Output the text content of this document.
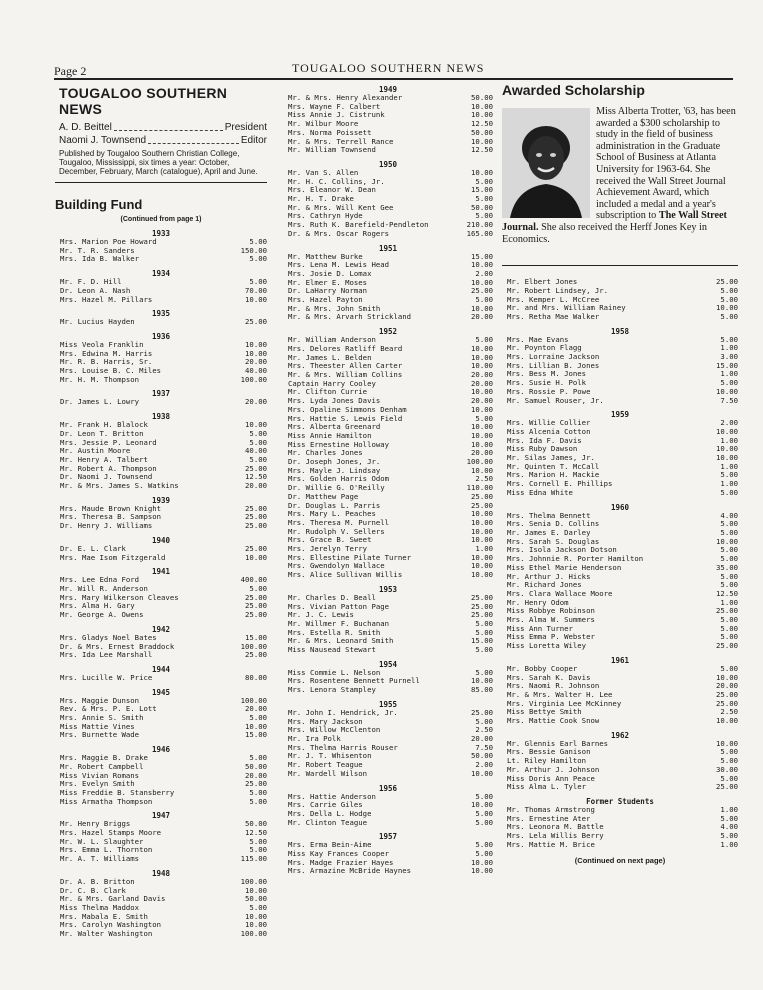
Page 2	TOUGALOO SOUTHERN NEWS
TOUGALOO SOUTHERN NEWS
A. D. Beittel	President
Naomi J. Townsend	Editor
Published by Tougaloo Southern Christian College, Tougaloo, Mississippi, six times a year: October, December, February, March (catalogue), April and June.
Building Fund
(Continued from page 1)
1933
Mrs. Marion Poe Howard	5.00
Mr. T. R. Sanders	150.00
Mrs. Ida B. Walker	5.00
1934
Mr. F. D. Hill	5.00
Dr. Leon A. Nash	70.00
Mrs. Hazel M. Pillars	10.00
1935
Mr. Lucius Hayden	25.00
1936
Miss Veola Franklin	10.00
Mrs. Edwina M. Harris	10.00
Mr. R. B. Harris, Sr.	20.00
Mrs. Louise B. C. Miles	40.00
Mr. H. M. Thompson	100.00
1937
Dr. James L. Lowry	20.00
1938
Mr. Frank H. Blalock	10.00
Dr. Leon T. Britton	5.00
Mrs. Jessie P. Leonard	5.00
Mr. Austin Moore	40.00
Mr. Henry A. Talbert	5.00
Mr. Robert A. Thompson	25.00
Dr. Naomi J. Townsend	12.50
Mr. & Mrs. James S. Watkins	20.00
1939
Mrs. Maude Brown Knight	25.00
Mrs. Theresa B. Sampson	25.00
Dr. Henry J. Williams	25.00
1940
Dr. E. L. Clark	25.00
Mrs. Mae Isom Fitzgerald	10.00
1941
Mrs. Lee Edna Ford	400.00
Mr. Will R. Anderson	5.00
Mrs. Mary Wilkerson Cleaves	25.00
Mrs. Alma H. Gary	25.00
Mr. George A. Owens	25.00
1942
Mrs. Gladys Noel Bates	15.00
Dr. & Mrs. Ernest Braddock	100.00
Mrs. Ida Lee Marshall	25.00
1944
Mrs. Lucille W. Price	80.00
1945
Mrs. Maggie Dunson	100.00
Rev. & Mrs. P. E. Lott	20.00
Mrs. Annie S. Smith	5.00
Miss Mattie Vines	10.00
Mrs. Burnette Wade	15.00
1946
Mrs. Maggie B. Drake	5.00
Mr. Robert Campbell	50.00
Miss Vivian Romans	20.00
Mrs. Evelyn Smith	25.00
Miss Freddie B. Stansberry	5.00
Miss Armatha Thompson	5.00
1947
Mr. Henry Briggs	50.00
Mrs. Hazel Stamps Moore	12.50
Mr. W. L. Slaughter	5.00
Mrs. Emma L. Thornton	5.00
Mr. A. T. Williams	115.00
1948
Dr. A. B. Britton	100.00
Dr. C. B. Clark	10.00
Mr. & Mrs. Garland Davis	50.00
Miss Thelma Maddox	5.00
Mrs. Mabala E. Smith	10.00
Mrs. Carolyn Washington	10.00
Mr. Walter Washington	100.00
1949
Mr. & Mrs. Henry Alexander	50.00
Mrs. Wayne F. Calbert	10.00
Miss Annie J. Cistrunk	10.00
Mr. Wilbur Moore	12.50
Mrs. Norma Poissett	50.00
Mr. & Mrs. Terrell Rance	10.00
Mr. William Townsend	12.50
1950
Mr. Van S. Allen	10.00
Mr. H. C. Collins, Jr.	5.00
Mrs. Eleanor W. Dean	15.00
Mr. H. T. Drake	5.00
Mr. & Mrs. Will Kent Gee	50.00
Mrs. Cathryn Hyde	5.00
Mrs. Ruth K. Barefield-Pendleton	210.00
Dr. & Mrs. Oscar Rogers	165.00
1951
Mr. Matthew Burke	15.00
Mrs. Lena M. Lewis Head	10.00
Mrs. Josie D. Lomax	2.00
Mr. Elmer E. Moses	10.00
Dr. LaHarry Norman	25.00
Mrs. Hazel Payton	5.00
Mr. & Mrs. John Smith	10.00
Mr. & Mrs. Arvarh Strickland	20.00
1952
Mr. William Anderson	5.00
Mrs. Delores Ratliff Beard	10.00
Mr. James L. Belden	10.00
Mrs. Theester Allen Carter	10.00
Mr. & Mrs. William Collins	20.00
Captain Harry Cooley	20.00
Mr. Clifton Currie	10.00
Mrs. Lyda Jones Davis	20.00
Mrs. Opaline Simmons Denham	10.00
Mrs. Hattie S. Lewis Field	5.00
Mrs. Alberta Greenard	10.00
Miss Annie Hamilton	10.00
Miss Ernestine Holloway	10.00
Mr. Charles Jones	20.00
Dr. Joseph Jones, Jr.	100.00
Mrs. Mayle J. Lindsay	10.00
Mrs. Golden Harris Odom	2.50
Dr. Willie G. O'Reilly	110.00
Dr. Matthew Page	25.00
Dr. Douglas L. Parris	25.00
Mrs. Mary L. Peaches	10.00
Mrs. Theresa M. Purnell	10.00
Mr. Rudolph V. Sellers	10.00
Mrs. Grace B. Sweet	10.00
Mrs. Jerelyn Terry	1.00
Mrs. Ellestine Pilate Turner	10.00
Mrs. Gwendolyn Wallace	10.00
Mrs. Alice Sullivan Willis	10.00
1953
Mr. Charles D. Beall	25.00
Mrs. Vivian Patton Page	25.00
Mr. J. C. Lewis	25.00
Mr. Willmer F. Buchanan	5.00
Mrs. Estella R. Smith	5.00
Mr. & Mrs. Leonard Smith	15.00
Miss Nausead Stewart	5.00
1954
Miss Commie L. Nelson	5.00
Mrs. Rosentene Bennett Purnell	10.00
Mrs. Lenora Stampley	85.00
1955
Mr. John I. Hendrick, Jr.	25.00
Mrs. Mary Jackson	5.00
Mrs. Willow McClenton	2.50
Mr. Ira Polk	20.00
Mrs. Thelma Harris Rouser	7.50
Mr. J. T. Whisenton	50.00
Mr. Robert Teague	2.00
Mr. Wardell Wilson	10.00
1956
Mrs. Hattie Anderson	5.00
Mrs. Carrie Giles	10.00
Mrs. Della L. Hodge	5.00
Mr. Clinton Teague	5.00
1957
Mrs. Erma Bein-Aime	5.00
Miss Kay Frances Cooper	5.00
Mrs. Madge Frazier Hayes	10.00
Mrs. Armazine McBride Haynes	10.00
Awarded Scholarship
Miss Alberta Trotter, '63, has been awarded a $300 scholarship to study in the field of business administration in the Graduate School of Business at Atlanta University for 1963-64. She received the Wall Street Journal Achievement Award, which included a medal and a year's subscription to The Wall Street Journal. She also received the Herff Jones Key in Economics.
Mr. Elbert Jones	25.00
Mr. Robert Lindsey, Jr.	5.00
Mrs. Kemper L. McCree	5.00
Mr. and Mrs. William Rainey	10.00
Mrs. Retha Mae Walker	5.00
1958
Mrs. Mae Evans	5.00
Mr. Poynton Flagg	1.00
Mrs. Lorraine Jackson	3.00
Mrs. Lillian B. Jones	15.00
Mrs. Bess M. Jones	1.00
Mrs. Susie H. Polk	5.00
Mrs. Rossie P. Powe	10.00
Mr. Samuel Rouser, Jr.	7.50
1959
Mrs. Willie Collier	2.00
Miss Alcenia Cotton	10.00
Mrs. Ida F. Davis	1.00
Miss Ruby Dawson	10.00
Mr. Silas James, Jr.	10.00
Mr. Quinten T. McCall	1.00
Mrs. Marion H. Mackie	5.00
Mrs. Cornell E. Phillips	1.00
Miss Edna White	5.00
1960
Mrs. Thelma Bennett	4.00
Mrs. Senia D. Collins	5.00
Mr. James E. Darley	5.00
Mrs. Sarah S. Douglas	10.00
Mrs. Isola Jackson Dotson	5.00
Mrs. Johnnie R. Porter Hamilton	5.00
Miss Ethel Marie Henderson	35.00
Mr. Arthur J. Hicks	5.00
Mr. Richard Jones	5.00
Mrs. Clara Wallace Moore	12.50
Mr. Henry Odom	1.00
Miss Robbye Robinson	25.00
Mrs. Alma W. Summers	5.00
Miss Ann Turner	5.00
Miss Emma P. Webster	5.00
Miss Loretta Wiley	25.00
1961
Mr. Bobby Cooper	5.00
Mrs. Sarah K. Davis	10.00
Mrs. Naomi R. Johnson	20.00
Mr. & Mrs. Walter H. Lee	25.00
Mrs. Virginia Lee McKinney	25.00
Miss Bettye Smith	2.50
Mrs. Mattie Cook Snow	10.00
1962
Mr. Glennis Earl Barnes	10.00
Mrs. Bessie Ganison	5.00
Lt. Riley Hamilton	5.00
Mr. Arthur J. Johnson	30.00
Miss Doris Ann Peace	5.00
Miss Alma L. Tyler	25.00
Former Students
Mr. Thomas Armstrong	1.00
Mrs. Ernestine Ater	5.00
Mrs. Leonora M. Battle	4.00
Mrs. Lela Willis Berry	5.00
Mrs. Mattie M. Brice	1.00
(Continued on next page)
